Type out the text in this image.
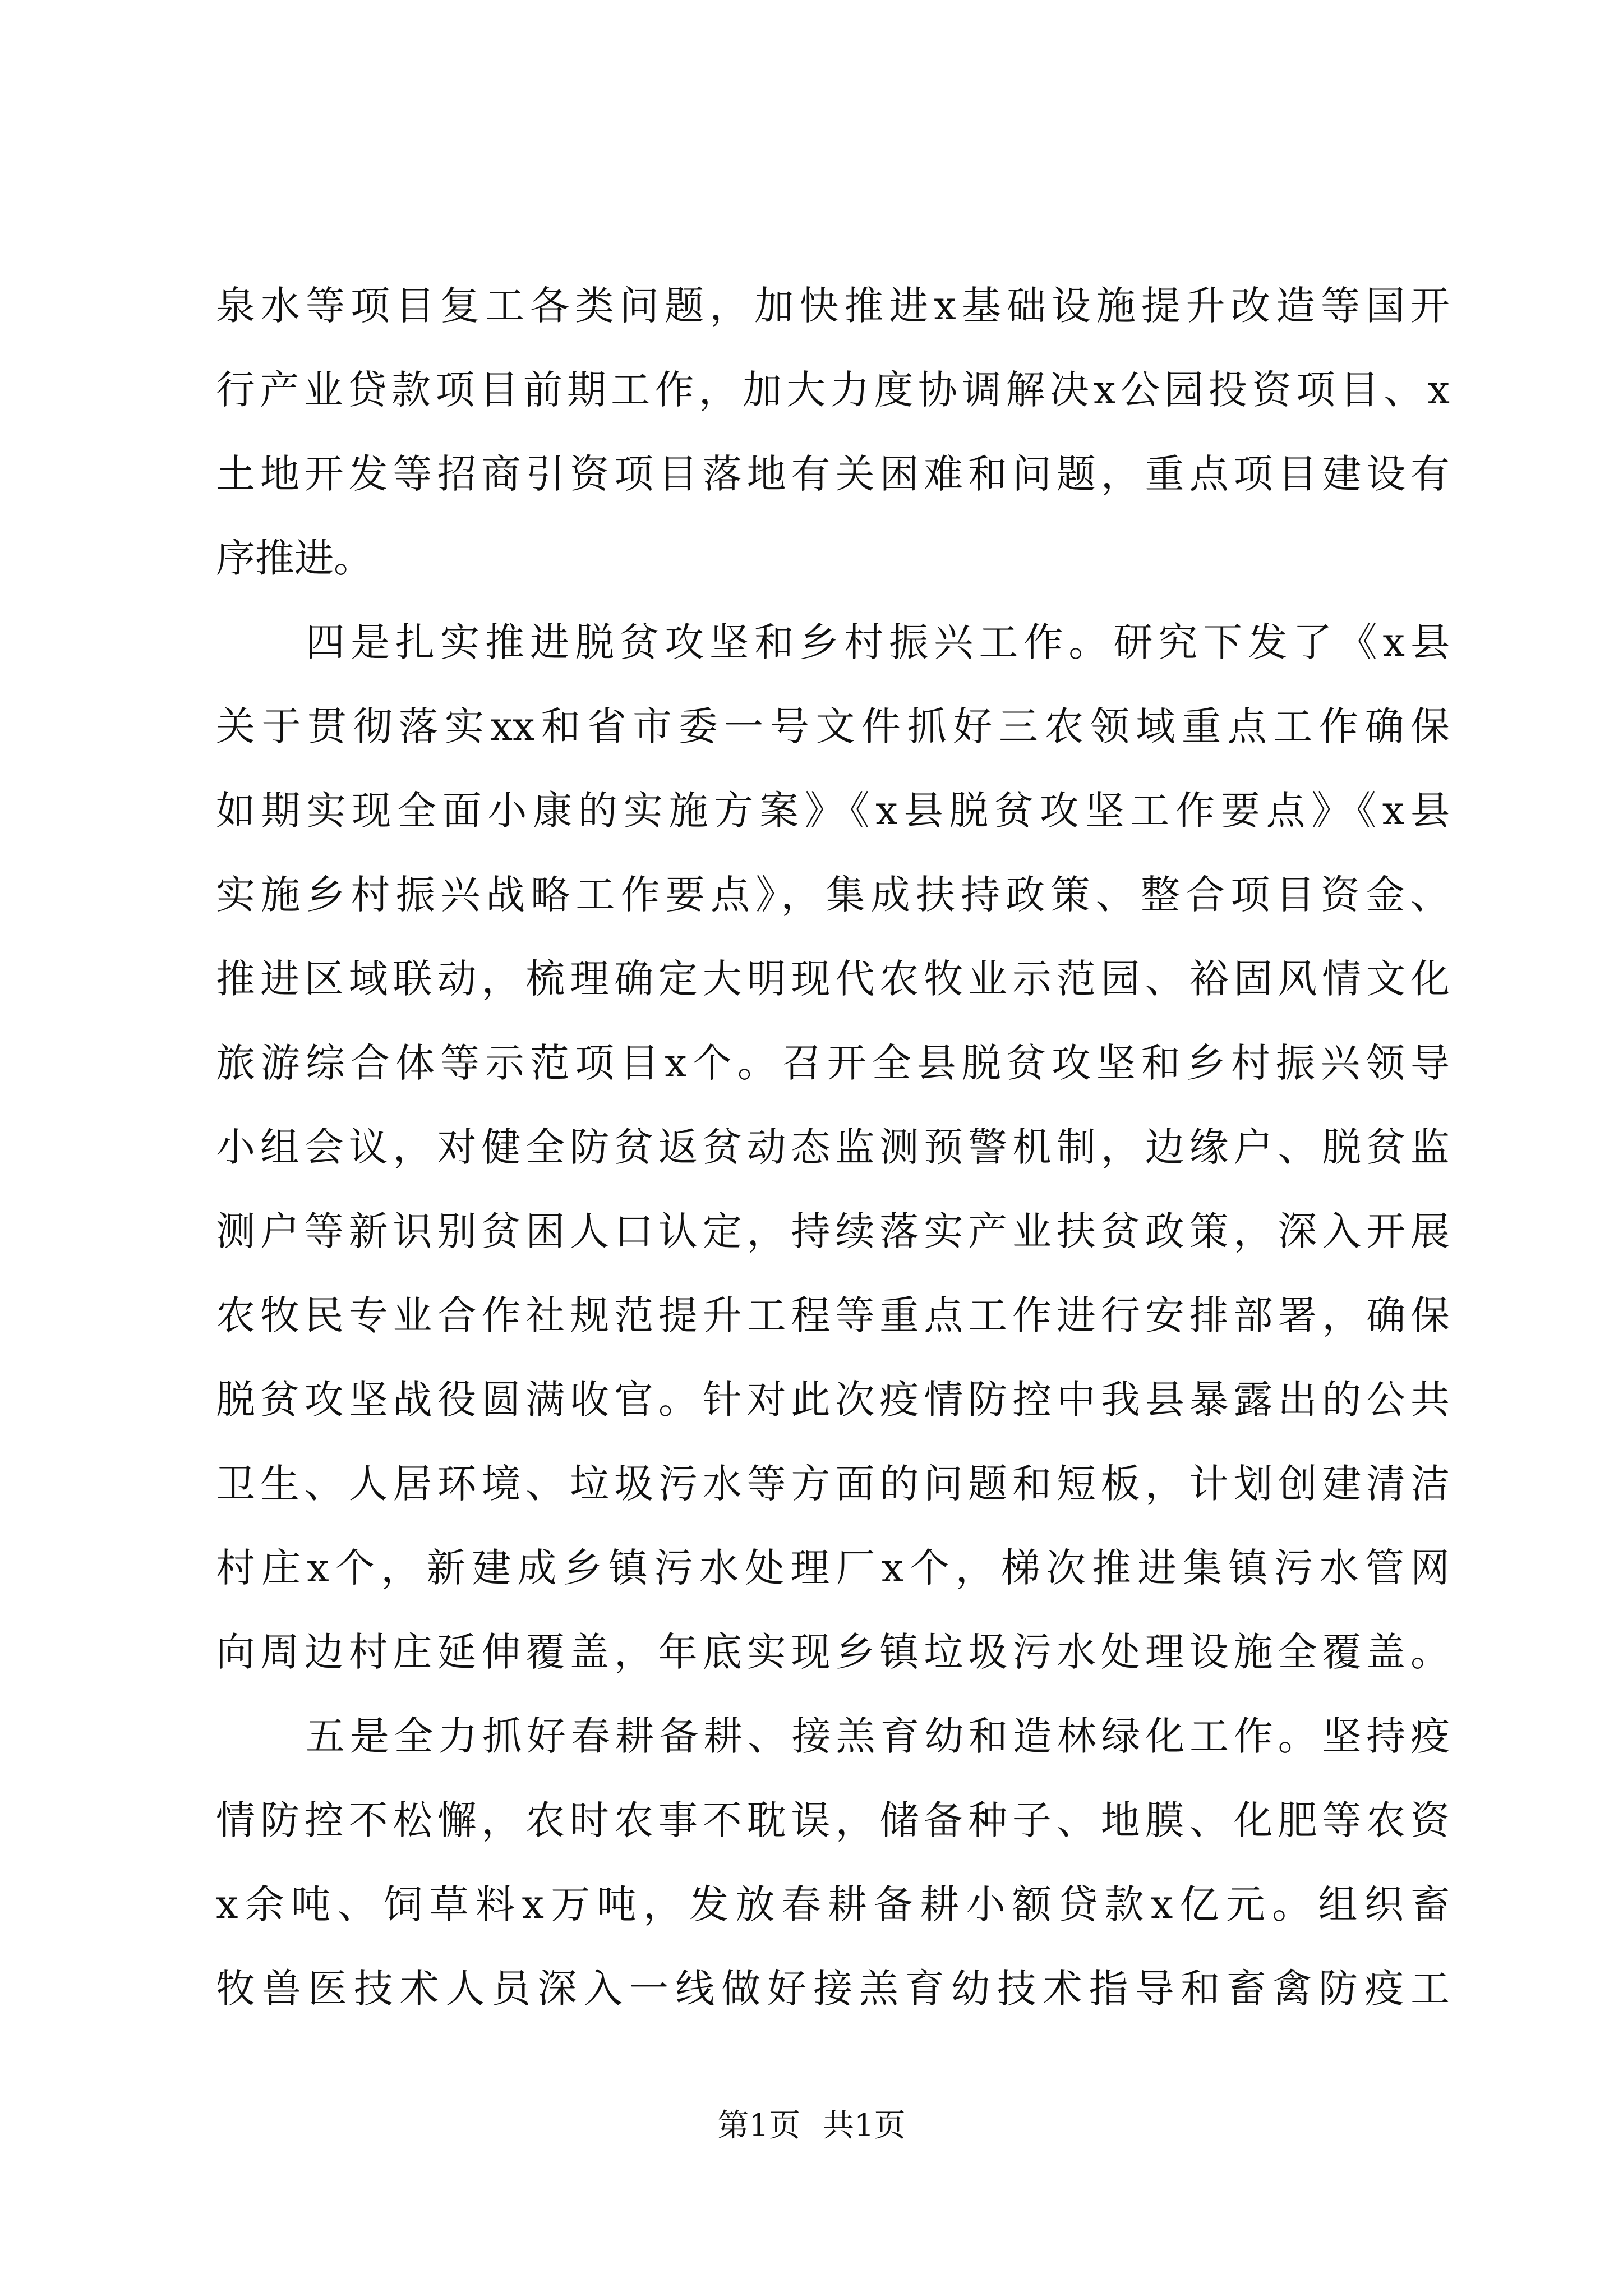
泉水等项目复工各类问题，加快推进x基础设施提升改造等国开
行产业贷款项目前期工作，加大力度协调解决x公园投资项目、x
土地开发等招商引资项目落地有关困难和问题，重点项目建设有
序推进。
四是扎实推进脱贫攻坚和乡村振兴工作。研究下发了《x县
关于贯彻落实xx和省市委一号文件抓好三农领域重点工作确保
如期实现全面小康的实施方案》《x县脱贫攻坚工作要点》《x县
实施乡村振兴战略工作要点》，集成扶持政策、整合项目资金、
推进区域联动，梳理确定大明现代农牧业示范园、裕固风情文化
旅游综合体等示范项目x个。召开全县脱贫攻坚和乡村振兴领导
小组会议，对健全防贫返贫动态监测预警机制，边缘户、脱贫监
测户等新识别贫困人口认定，持续落实产业扶贫政策，深入开展
农牧民专业合作社规范提升工程等重点工作进行安排部署，确保
脱贫攻坚战役圆满收官。针对此次疫情防控中我县暴露出的公共
卫生、人居环境、垃圾污水等方面的问题和短板，计划创建清洁
村庄x个，新建成乡镇污水处理厂x个，梯次推进集镇污水管网
向周边村庄延伸覆盖，年底实现乡镇垃圾污水处理设施全覆盖。
五是全力抓好春耕备耕、接羔育幼和造林绿化工作。坚持疫
情防控不松懈，农时农事不耽误，储备种子、地膜、化肥等农资
x余吨、饲草料x万吨，发放春耕备耕小额贷款x亿元。组织畜
牧兽医技术人员深入一线做好接羔育幼技术指导和畜禽防疫工
第1页 共1页
